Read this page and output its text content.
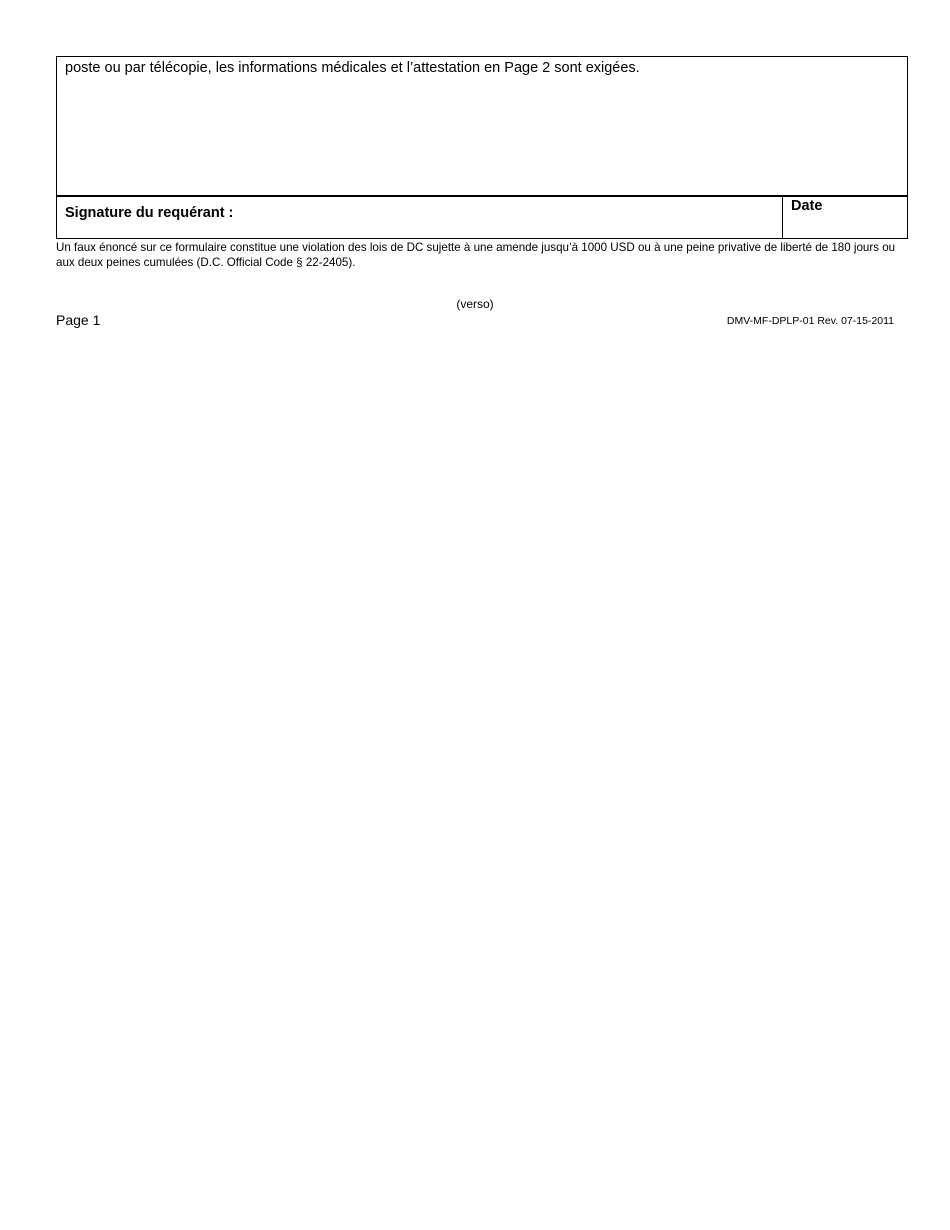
poste ou par télécopie, les informations médicales et l’attestation en Page 2 sont exigées.
Signature du requérant :	Date
Un faux énoncé sur ce formulaire constitue une violation des lois de DC sujette à une amende jusqu’à 1000 USD ou à une peine privative de liberté de 180 jours ou aux deux peines cumulées (D.C. Official Code § 22-2405).
(verso)
Page 1	DMV-MF-DPLP-01 Rev. 07-15-2011
